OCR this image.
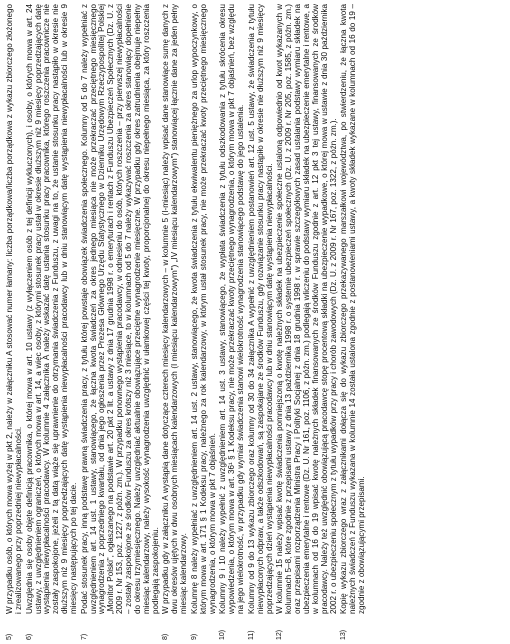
5)
W przypadku osób, o których mowa wyżej w pkt 2, należy w załączniku A stosować numer łamany: liczba porządkowa/liczba porządkowa z wykazu zbiorczego złożonego i zrealizowanego przy poprzedniej niewypłacalności.
6)
Uwzględnia się osoby objęte definicją pracownika, o której mowa w art. 10 ustawy (z wyłączeniem osób z tej definicji wykluczonych), i osoby, o których mowa w art. 24 ustawy, z uwzględnieniem ograniczeń, o których mowa w art. 14, a więc osoby, z którymi stosunek pracy ustał w okresie dłuższym niż 9 miesięcy poprzedzających datę wystąpienia niewypłacalności pracodawcy. W kolumnie 4 załącznika A należy wskazać datę ustania stosunku pracy pracownika, którego roszczenia pracownicze nie zostały zaspokojone, jeżeli z tą datą wiąże się uprawnienie do otrzymania świadczenia z Funduszu, z uwagi na to, że ustanie stosunku pracy nastąpiło w okresie nie dłuższym niż 9 miesięcy poprzedzających datę wystąpienia niewypłacalności pracodawcy lub w dniu stanowiącym datę wystąpienia niewypłacalności lub w okresie 9 miesięcy następujących po tej dacie.
7)
Podać stosunek pracy, inną podstawę prawną świadczenia pracy, z tytułu której powstaje obowiązek świadczenia społecznego. Kolumny od 5 do 7 należy wypełniać z uwzględnieniem art. 14 ust. 1 ustawy, stanowiącego, że łączna kwota świadczeń za okres jednego miesiąca nie może przekraczać przeciętnego miesięcznego wynagrodzenia z poprzedniego kwartału, od dnia jego ogłoszenia przez Prezesa Głównego Urzędu Statystycznego w Dzienniku Urzędowym Rzeczypospolitej Polskiej „Monitor Polski”, ogłaszanego na podstawie art. 20 pkt 2 lit. a ustawy z dnia 17 grudnia 1998 r. o emeryturach i rentach z Funduszu Ubezpieczeń Społecznych (Dz. U. z 2009 r. Nr 153, poz. 1227, z późn. zm.). W przypadku ponownego wystąpienia pracodawcy, w odniesieniu do osób, których roszczenia – przy pierwszej niewypłacalności – zostały zaspokojone ze środków Funduszu za okres krótszy niż 3 miesiące, to w kolumnach od 5 do 7 należy wykazywać roszczenia za okres stanowiący dopełnienie do okresu trzymiesięcznego. Należy uwzględniać aktualnie obowiązujące przeciętne wynagrodzenie miesięczne. W przypadku gdy okres zatrudnienia obejmuje niepełny miesiąc kalendarzowy, należy wysokość wynagrodzenia uwzględnić w ułamkowej części tej kwoty, proporcjonalnej do okresu niepełnego miesiąca, za który roszczenia podlegają zaspokojeniu.
8)
W przypadku gdy w załączniku A wystąpią dane dotyczące czterech miesięcy kalendarzowych – w kolumnie 5 (I-miesiąc) należy wpisać dane stanowiące sumę danych z dwu okresów ujętych w dwu osobnych miesiącach kalendarzowych (I miesiącu kalendarzowym") „IV miesiącu kalendarzowym") stanowiącej łącznie dane za jeden pełny miesiąc kalendarzowy.
9)
Kolumnę 8 należy wypełniać z uwzględnieniem art. 14 ust. 2 ustawy, stanowiącego, że kwota świadczenia z tytułu ekwiwalentu pieniężnego za urlop wypoczynkowy, o którym mowa w art. 171 § 1 Kodeksu pracy, należnego za rok kalendarzowy, w którym ustał stosunek pracy, nie może przekraczać kwoty przeciętnego miesięcznego wynagrodzenia, o którym mowa w pkt 7 objaśnień.
10)
Kolumny 9 i 10 należy wypełnić z uwzględnieniem art. 14 ust. 3 ustawy, stanowiącego, że wypłata świadczenia z tytułu odszkodowania z tytułu skrócenia okresu wypowiedzenia, o którym mowa w art. 36¹ § 1 Kodeksu pracy, nie może przekraczać kwoty przeciętnego wynagrodzenia, o którym mowa w pkt 7 objaśnień, bez względu na jego wielokrotność, w przypadku gdy wymiar świadczenia stanowi wielokrotność wynagrodzenia stanowiącego podstawę do jego ustalenia.
11)
Kolumny od 9 do 13 wykazu zbiorczego oraz kolumny od 30 do 34 załącznika A wypełnić z uwzględnieniem postanowień art. 12 ust. 5 ustawy, że świadczenia z tytułu niewypłaconych odpraw, a także odszkodowań, są zaspokajane ze środków Funduszu, gdy rozwiązanie stosunku pracy nastąpiło w okresie nie dłuższym niż 9 miesięcy poprzedzających dzień wystąpienia niewypłacalności pracodawcy lub w dniu stanowiącym datę wystąpienia niewypłacalności.
12)
W kolumnie 15 należy wpisać kwotę świadczenia pomniejszoną o kwotę należnych składek na ubezpieczenie społeczne ustaloną odpowiednio od kwot wykazanych w kolumnach 5–8, które zgodnie z przepisami ustawy z dnia 13 października 1998 r. o systemie ubezpieczeń społecznych (Dz. U. z 2009 r. Nr 205, poz. 1585, z późn. zm.) oraz przepisami rozporządzenia Ministra Pracy i Polityki Socjalnej z dnia 18 grudnia 1998 r. w sprawie szczegółowych zasad ustalania podstawy wymiaru składek na ubezpieczenia emerytalne i rentowe (Dz. U. Nr 161, poz. 1106, z późn. zm.) podlegają wliczeniu do podstawy wymiaru składek na ubezpieczenie emerytalne i rentowe, a w kolumnach od 16 do 19 wpisać kwotę należnych składek finansowanych ze środków Funduszu zgodnie z art. 12 pkt 3 tej ustawy, finansowanych ze środków pracodawcy. Należy też uwzględnić obowiązującą pracodawcę stopę procentową składki na ubezpieczenie wypadkowe, o której mowa w ustawie z dnia 30 października 2002 r. o ubezpieczeniu społecznym z tytułu wypadków przy pracy i chorób zawodowych (Dz. U. z 2009 r. Nr 167, poz. 1322, z późn. zm.).
13)
Kopię wykazu zbiorczego wraz z załącznikami dołącza się do wykazu zbiorczego przekazywanego marszałkowi województwa, po stwierdzeniu, że łączna kwota należnych świadczeń z Funduszu wykazana w kolumnie 14 została ustalona zgodnie z postanowieniami ustawy, a kwoty składek wykazane w kolumnach od 16 do 19 – zgodnie z obowiązującymi przepisami.
